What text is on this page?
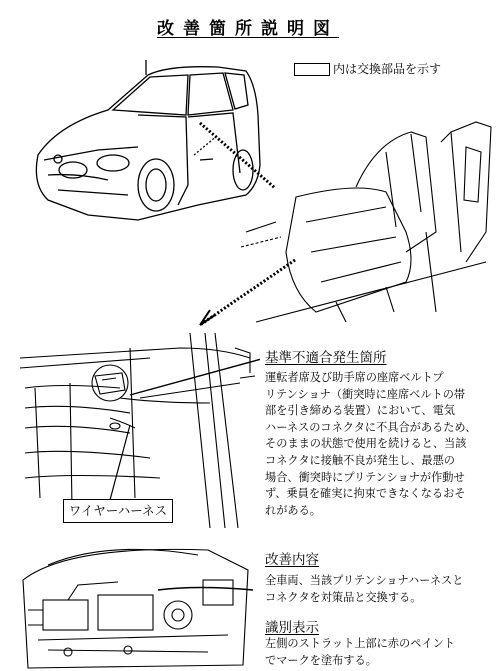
改善箇所説明図
内は交換部品を示す
基準不適合発生箇所
運転者席及び助手席の座席ベルトプ
リテンショナ（衝突時に座席ベルトの帯
部を引き締める装置）において、電気
ハーネスのコネクタに不具合があるため、
そのままの状態で使用を続けると、当該
コネクタに接触不良が発生し、最悪の
場合、衝突時にプリテンショナが作動せ
ず、乗員を確実に拘束できなくなるおそ
れがある。
ワイヤーハーネス
改善内容
全車両、当該プリテンショナハーネスと
コネクタを対策品と交換する。
識別表示
左側のストラット上部に赤のペイント
でマークを塗布する。
